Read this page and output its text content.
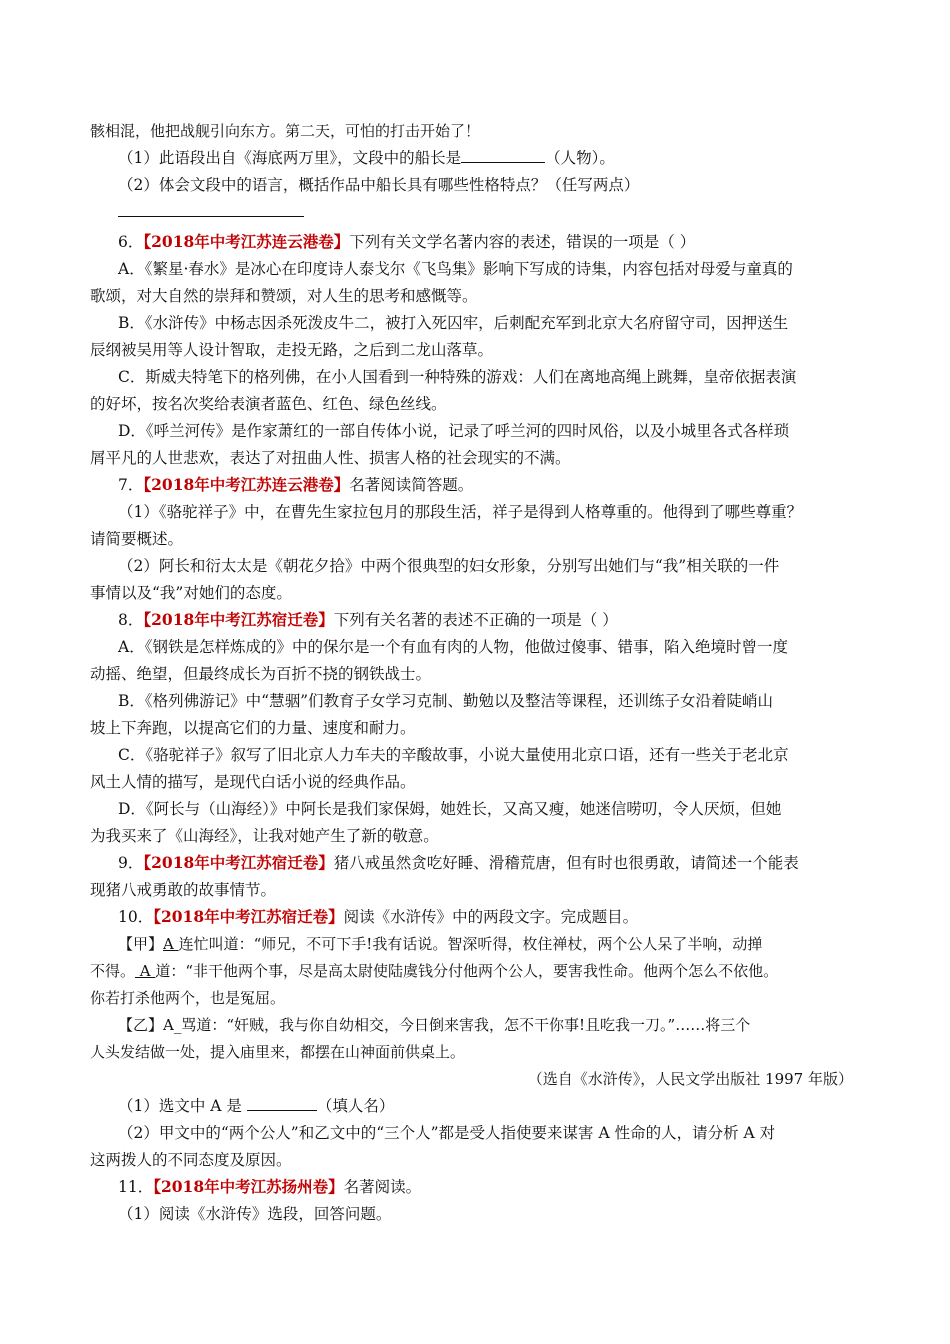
骸相混，他把战舰引向东方。第二天，可怕的打击开始了！
（1）此语段出自《海底两万里》，文段中的船长是	（人物）。
（2）体会文段中的语言，概括作品中船长具有哪些性格特点？（任写两点）
6．【2018年中考江苏连云港卷】下列有关文学名著内容的表述，错误的一项是（ ）
A．《繁星·春水》是冰心在印度诗人泰戈尔《飞鸟集》影响下写成的诗集，内容包括对母爱与童真的
歌颂，对大自然的崇拜和赞颂，对人生的思考和感慨等。
B．《水浒传》中杨志因杀死泼皮牛二，被打入死囚牢，后刺配充军到北京大名府留守司，因押送生
辰纲被吴用等人设计智取，走投无路，之后到二龙山落草。
C．斯威夫特笔下的格列佛，在小人国看到一种特殊的游戏：人们在离地高绳上跳舞，皇帝依据表演
的好坏，按名次奖给表演者蓝色、红色、绿色丝线。
D．《呼兰河传》是作家萧红的一部自传体小说，记录了呼兰河的四时风俗，以及小城里各式各样琐
屑平凡的人世悲欢，表达了对扭曲人性、损害人格的社会现实的不满。
7．【2018年中考江苏连云港卷】名著阅读简答题。
（1）《骆驼祥子》中，在曹先生家拉包月的那段生活，祥子是得到人格尊重的。他得到了哪些尊重？
请简要概述。
（2）阿长和衍太太是《朝花夕拾》中两个很典型的妇女形象，分别写出她们与“我”相关联的一件
事情以及“我”对她们的态度。
8．【2018年中考江苏宿迁卷】下列有关名著的表述不正确的一项是（ ）
A．《钢铁是怎样炼成的》中的保尔是一个有血有肉的人物，他做过傻事、错事，陷入绝境时曾一度
动摇、绝望，但最终成长为百折不挠的钢铁战士。
B．《格列佛游记》中“慧骃”们教育子女学习克制、勤勉以及整洁等课程，还训练子女沿着陡峭山
坡上下奔跑，以提高它们的力量、速度和耐力。
C．《骆驼祥子》叙写了旧北京人力车夫的辛酸故事，小说大量使用北京口语，还有一些关于老北京
风土人情的描写，是现代白话小说的经典作品。
D．《阿长与（山海经）》中阿长是我们家保姆，她姓长，又高又瘦，她迷信唠叨，令人厌烦，但她
为我买来了《山海经》，让我对她产生了新的敬意。
9．【2018年中考江苏宿迁卷】猪八戒虽然贪吃好睡、滑稽荒唐，但有时也很勇敢，请简述一个能表
现猪八戒勇敢的故事情节。
10．【2018年中考江苏宿迁卷】阅读《水浒传》中的两段文字。完成题目。
【甲】A 连忙叫道：“师兄，不可下手!我有话说。智深听得，枚住禅杖，两个公人呆了半响，动掸
不得。 A 道：“非干他两个事，尽是高太尉使陆虞钱分付他两个公人，要害我性命。他两个怎么不依他。
你若打杀他两个，也是冤屈。
【乙】A_骂道：“奸贼，我与你自幼相交，今日倒来害我，怎不干你事!且吃我一刀。”……将三个
人头发结做一处，提入庙里来，都摆在山神面前供桌上。
（选自《水浒传》，人民文学出版社 1997 年版）
（1）选文中 A 是	（填人名）
（2）甲文中的“两个公人”和乙文中的“三个人”都是受人指使要来谋害 A 性命的人，请分析 A 对
这两拨人的不同态度及原因。
11．【2018年中考江苏扬州卷】名著阅读。
（1）阅读《水浒传》选段，回答问题。
